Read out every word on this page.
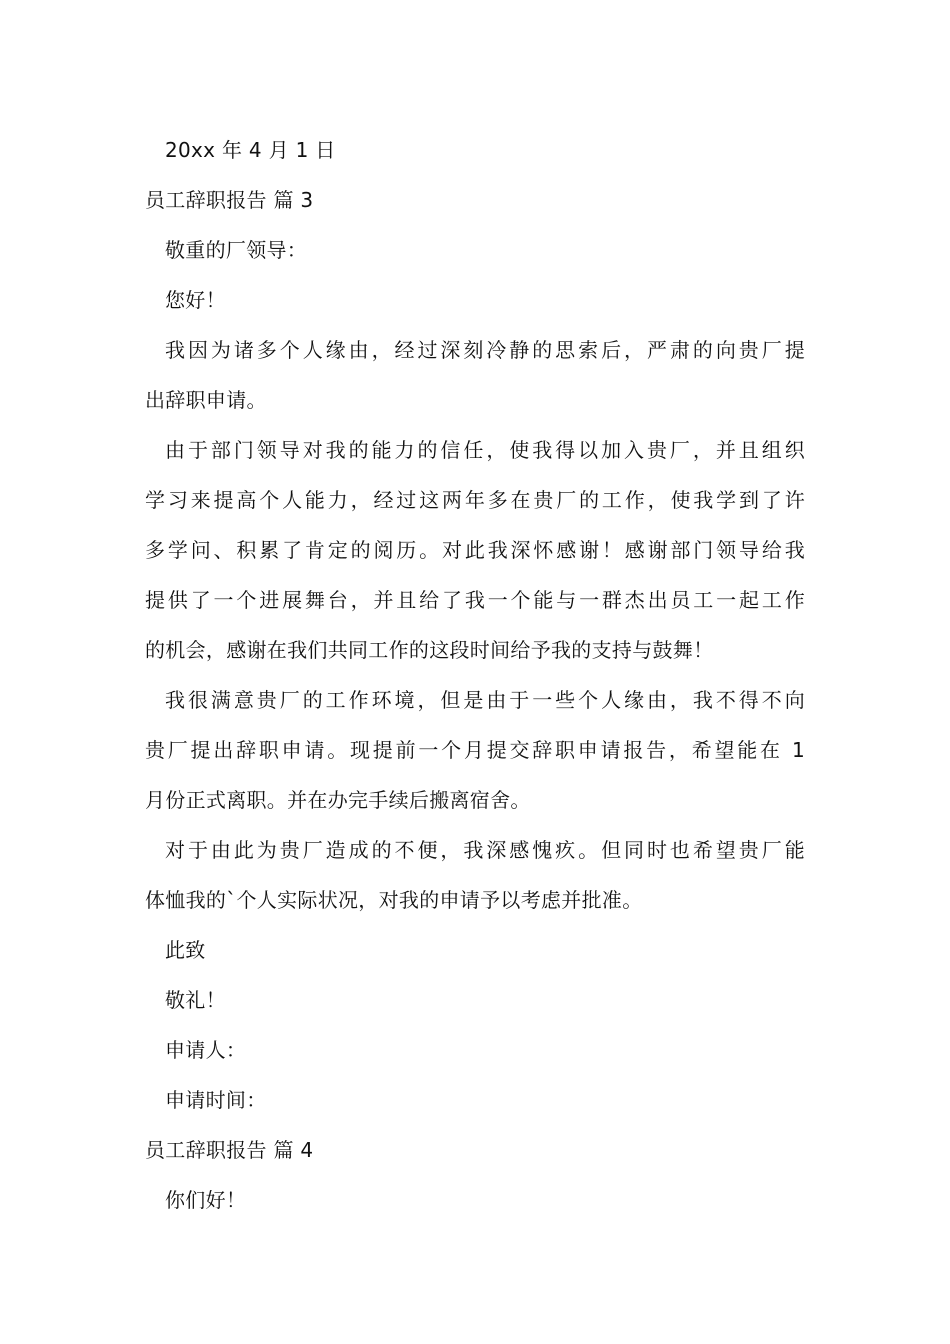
20xx 年 4 月 1 日
员工辞职报告 篇 3
敬重的厂领导：
您好！
我因为诸多个人缘由，经过深刻冷静的思索后，严肃的向贵厂提
出辞职申请。
由于部门领导对我的能力的信任，使我得以加入贵厂，并且组织
学习来提高个人能力，经过这两年多在贵厂的工作，使我学到了许
多学问、积累了肯定的阅历。对此我深怀感谢！感谢部门领导给我
提供了一个进展舞台，并且给了我一个能与一群杰出员工一起工作
的机会，感谢在我们共同工作的这段时间给予我的支持与鼓舞！
我很满意贵厂的工作环境，但是由于一些个人缘由，我不得不向
贵厂提出辞职申请。现提前一个月提交辞职申请报告，希望能在 1
月份正式离职。并在办完手续后搬离宿舍。
对于由此为贵厂造成的不便，我深感愧疚。但同时也希望贵厂能
体恤我的`个人实际状况，对我的申请予以考虑并批准。
此致
敬礼！
申请人：
申请时间：
员工辞职报告 篇 4
你们好！
